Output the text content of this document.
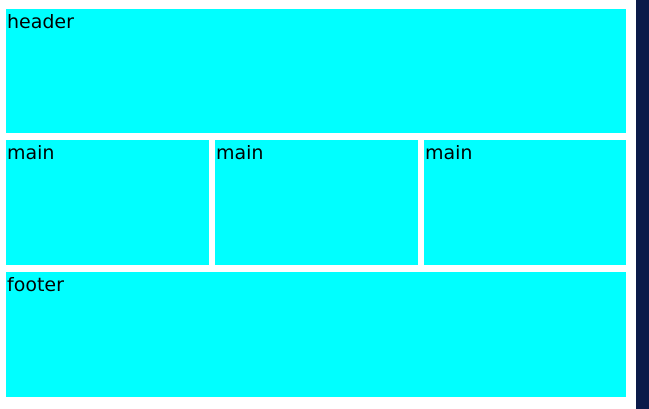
header
main	main	main
footer
